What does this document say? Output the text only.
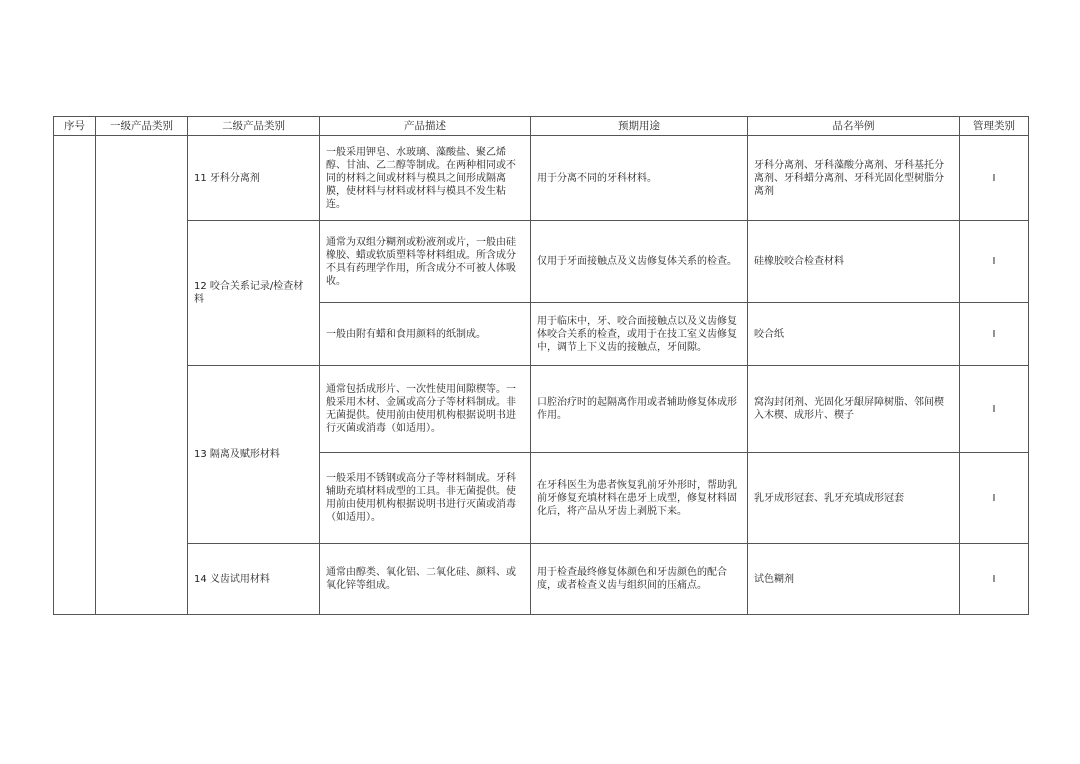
序号	一级产品类别	二级产品类别	产品描述	预期用途	品名举例	管理类别
		11 牙科分离剂	一般采用钾皂、水玻璃、藻酸盐、聚乙烯醇、甘油、乙二醇等制成。在两种相同或不同的材料之间或材料与模具之间形成隔离膜，使材料与材料或材料与模具不发生粘连。	用于分离不同的牙科材料。	牙科分离剂、牙科藻酸分离剂、牙科基托分离剂、牙科蜡分离剂、牙科光固化型树脂分离剂	I
		12 咬合关系记录/检查材料	通常为双组分糊剂或粉液剂或片，一般由硅橡胶、蜡或软质塑料等材料组成。所含成分不具有药理学作用，所含成分不可被人体吸收。	仅用于牙面接触点及义齿修复体关系的检查。	硅橡胶咬合检查材料	I
			一般由附有蜡和食用颜料的纸制成。	用于临床中，牙、咬合面接触点以及义齿修复体咬合关系的检查，或用于在技工室义齿修复中，调节上下义齿的接触点，牙间隙。	咬合纸	I
		13 隔离及赋形材料	通常包括成形片、一次性使用间隙楔等。一般采用木材、金属或高分子等材料制成。非无菌提供。使用前由使用机构根据说明书进行灭菌或消毒（如适用）。	口腔治疗时的起隔离作用或者辅助修复体成形作用。	窝沟封闭剂、光固化牙龈屏障树脂、邻间楔入木楔、成形片、楔子	I
			一般采用不锈钢或高分子等材料制成。牙科辅助充填材料成型的工具。非无菌提供。使用前由使用机构根据说明书进行灭菌或消毒（如适用）。	在牙科医生为患者恢复乳前牙外形时，帮助乳前牙修复充填材料在患牙上成型，修复材料固化后，将产品从牙齿上剥脱下来。	乳牙成形冠套、乳牙充填成形冠套	I
		14 义齿试用材料	通常由醇类、氧化铝、二氧化硅、颜料、或氧化锌等组成。	用于检查最终修复体颜色和牙齿颜色的配合度，或者检查义齿与组织间的压痛点。	试色糊剂	I
